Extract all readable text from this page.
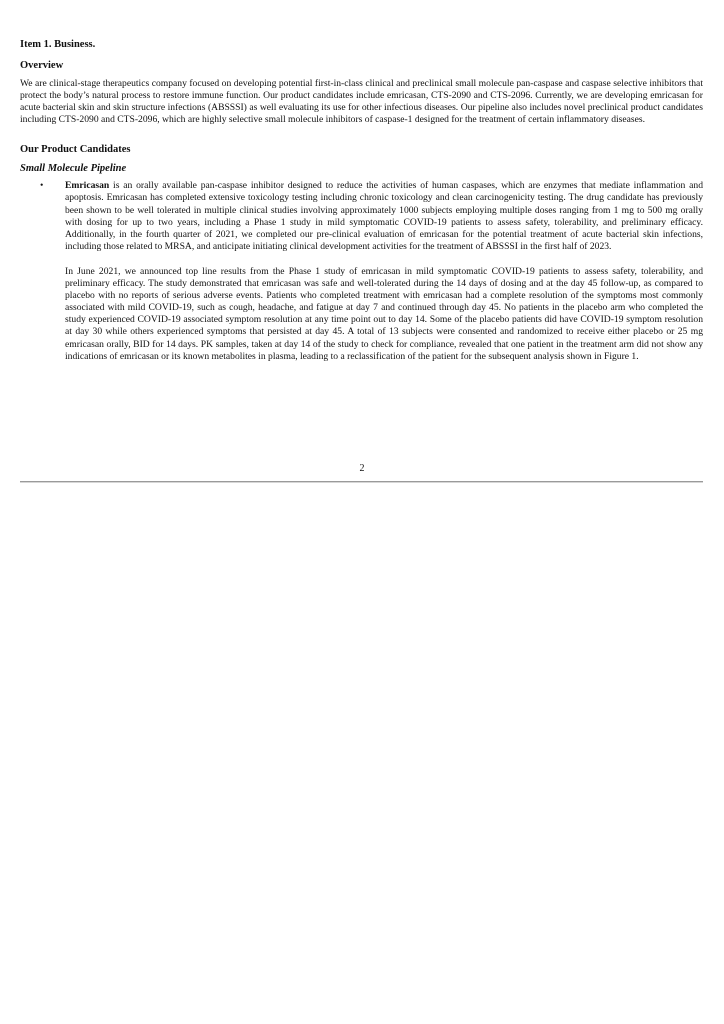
Item 1. Business.
Overview

We are clinical-stage therapeutics company focused on developing potential first-in-class clinical and preclinical small molecule pan-caspase and caspase selective inhibitors that protect the body’s natural process to restore immune function. Our product candidates include emricasan, CTS-2090 and CTS-2096. Currently, we are developing emricasan for acute bacterial skin and skin structure infections (ABSSSI) as well evaluating its use for other infectious diseases. Our pipeline also includes novel preclinical product candidates including CTS-2090 and CTS-2096, which are highly selective small molecule inhibitors of caspase-1 designed for the treatment of certain inflammatory diseases.

Our Product Candidates
Small Molecule Pipeline
• Emricasan is an orally available pan-caspase inhibitor designed to reduce the activities of human caspases, which are enzymes that mediate inflammation and apoptosis. Emricasan has completed extensive toxicology testing including chronic toxicology and clean carcinogenicity testing. The drug candidate has previously been shown to be well tolerated in multiple clinical studies involving approximately 1000 subjects employing multiple doses ranging from 1 mg to 500 mg orally with dosing for up to two years, including a Phase 1 study in mild symptomatic COVID-19 patients to assess safety, tolerability, and preliminary efficacy. Additionally, in the fourth quarter of 2021, we completed our pre-clinical evaluation of emricasan for the potential treatment of acute bacterial skin infections, including those related to MRSA, and anticipate initiating clinical development activities for the treatment of ABSSSI in the first half of 2023.

In June 2021, we announced top line results from the Phase 1 study of emricasan in mild symptomatic COVID-19 patients to assess safety, tolerability, and preliminary efficacy. The study demonstrated that emricasan was safe and well-tolerated during the 14 days of dosing and at the day 45 follow-up, as compared to placebo with no reports of serious adverse events. Patients who completed treatment with emricasan had a complete resolution of the symptoms most commonly associated with mild COVID-19, such as cough, headache, and fatigue at day 7 and continued through day 45. No patients in the placebo arm who completed the study experienced COVID-19 associated symptom resolution at any time point out to day 14. Some of the placebo patients did have COVID-19 symptom resolution at day 30 while others experienced symptoms that persisted at day 45. A total of 13 subjects were consented and randomized to receive either placebo or 25 mg emricasan orally, BID for 14 days. PK samples, taken at day 14 of the study to check for compliance, revealed that one patient in the treatment arm did not show any indications of emricasan or its known metabolites in plasma, leading to a reclassification of the patient for the subsequent analysis shown in Figure 1.

2
